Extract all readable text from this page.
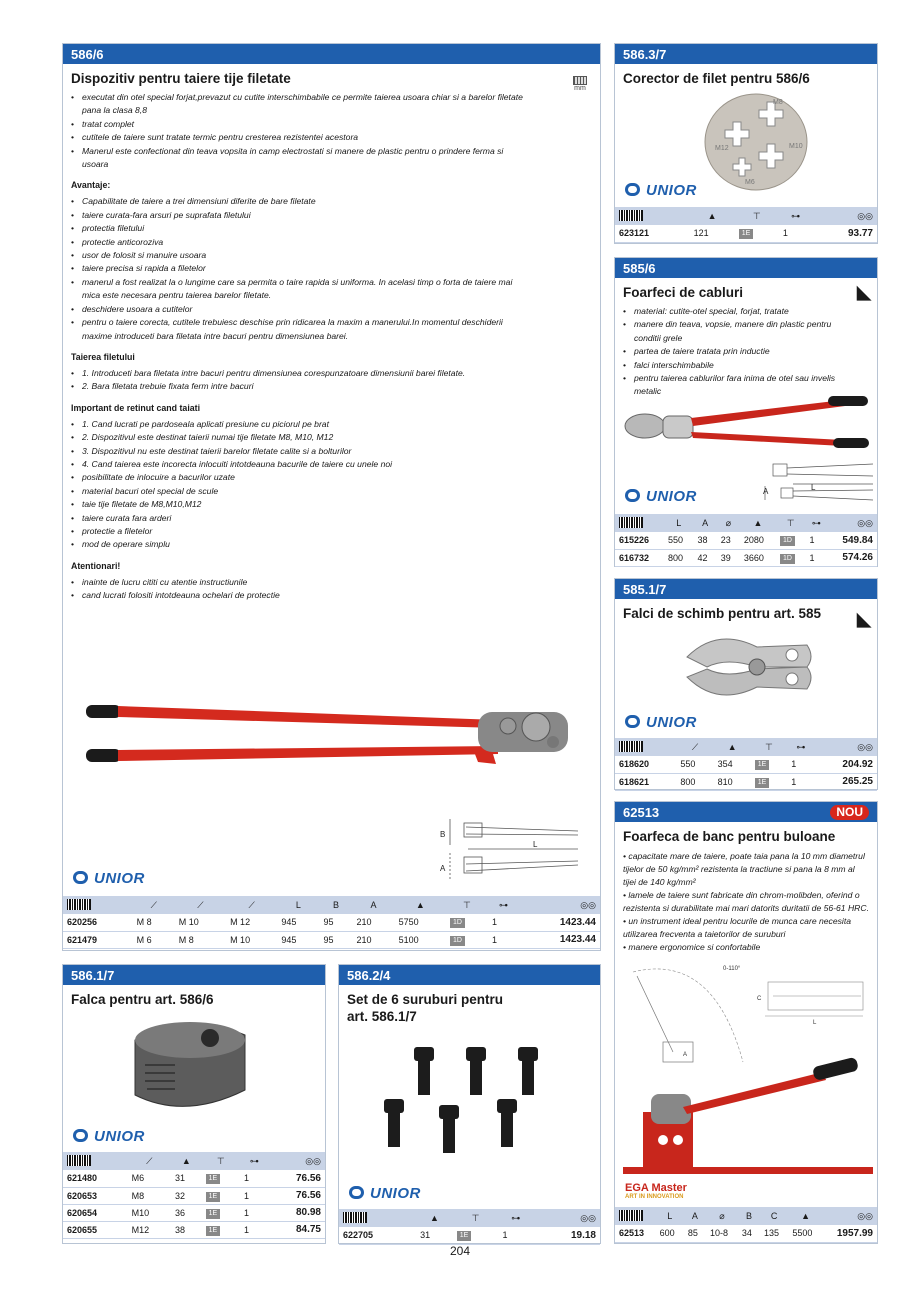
586/6
Dispozitiv pentru taiere tije filetate
mm
• executat din otel special forjat,prevazut cu cutite interschimbabile ce permite taierea usoara chiar si a barelor filetate pana la clasa 8,8
• tratat complet
• cutitele de taiere sunt tratate termic pentru cresterea rezistentei acestora
• Manerul este confectionat din teava vopsita in camp electrostati si manere de plastic pentru o prindere ferma si usoara
Avantaje:
• Capabilitate de taiere a trei dimensiuni diferite de bare filetate
• taiere curata-fara arsuri pe suprafata filetului
• protectia filetului
• protectie anticoroziva
• usor de folosit si manuire usoara
• taiere precisa si rapida a filetelor
• manerul a fost realizat la o lungime care sa permita o taire rapida si uniforma. In acelasi timp o forta de taiere mai mica este necesara pentru taierea barelor filetate.
• deschidere usoara a cutitelor
• pentru o taiere corecta, cutitele trebuiesc deschise prin ridicarea la maxim a manerului.In momentul deschiderii maxime introduceti bara filetata intre bacuri pentru dimensiunea barei.
Taierea filetului
• 1. Introduceti bara filetata intre bacuri pentru dimensiunea corespunzatoare dimensiunii barei filetate.
• 2. Bara filetata trebuie fixata ferm intre bacuri
Important de retinut cand taiati
• 1. Cand lucrati pe pardoseala aplicati presiune cu piciorul pe brat
• 2. Dispozitivul este destinat taierii numai tije filetate M8, M10, M12
• 3. Dispozitivul nu este destinat taierii barelor filetate calite si a bolturilor
• 4. Cand taierea este incorecta inlocuiti intotdeauna bacurile de taiere cu unele noi
• posibilitate de inlocuire a bacurilor uzate
• material bacuri otel special de scule
• taie tije filetate de M8,M10,M12
• taiere curata fara arderi
• protectie a filetelor
• mod de operare simplu
Atentionari!
• inainte de lucru cititi cu atentie instructiunile
• cand lucrati folositi intotdeauna ochelari de protectie
B
A
L
UNIOR
	⟋	⟋	⟋	L	B	A	▲	⊤	⊶	◎◎
620256	M 8	M 10	M 12	945	95	210	5750	1D	1	1423.44
621479	M 6	M 8	M 10	945	95	210	5100	1D	1	1423.44
586.3/7
Corector de filet pentru 586/6
M12
M8
M10
M6
UNIOR
	▲	⊤	⊶	◎◎
623121	121	1E	1	93.77
585/6
Foarfeci de cabluri	◣
• material: cutite-otel special, forjat, tratate
• manere din teava, vopsie, manere din plastic pentru conditii grele
• partea de taiere tratata prin inductie
• falci interschimbabile
• pentru taierea cablurilor fara inima de otel sau invelis metalic
A	L
UNIOR
	L	A	⌀	▲	⊤	⊶	◎◎
615226	550	38	23	2080	1D	1	549.84
616732	800	42	39	3660	1D	1	574.26
585.1/7
Falci de schimb pentru art. 585	◣
UNIOR
	⟋	▲	⊤	⊶	◎◎
618620	550	354	1E	1	204.92
618621	800	810	1E	1	265.25
62513	NOU
Foarfeca de banc pentru buloane
• capacitate mare de taiere, poate taia pana la 10 mm diametrul tijelor de 50 kg/mm² rezistenta la tractiune si pana la 8 mm al tijei de 140 kg/mm²
• lamele de taiere sunt fabricate din chrom-molibden, oferind o rezistenta si durabilitate mai mari datorits duritatii de 56-61 HRC.
• un instrument ideal pentru locurile de munca care necesita utilizarea frecventa a taietorilor de suruburi
• manere ergonomice si confortabile
0-110°
C
L
A
EGA Master
ART IN INNOVATION
	L	A	⌀	B	C	▲	◎◎
62513	600	85	10-8	34	135	5500	1957.99
586.1/7
Falca pentru art. 586/6
UNIOR
	⟋	▲	⊤	⊶	◎◎
621480	M6	31	1E	1	76.56
620653	M8	32	1E	1	76.56
620654	M10	36	1E	1	80.98
620655	M12	38	1E	1	84.75
586.2/4
Set de 6 suruburi pentru
art. 586.1/7
UNIOR
	▲	⊤	⊶	◎◎
622705	31	1E	1	19.18
204
